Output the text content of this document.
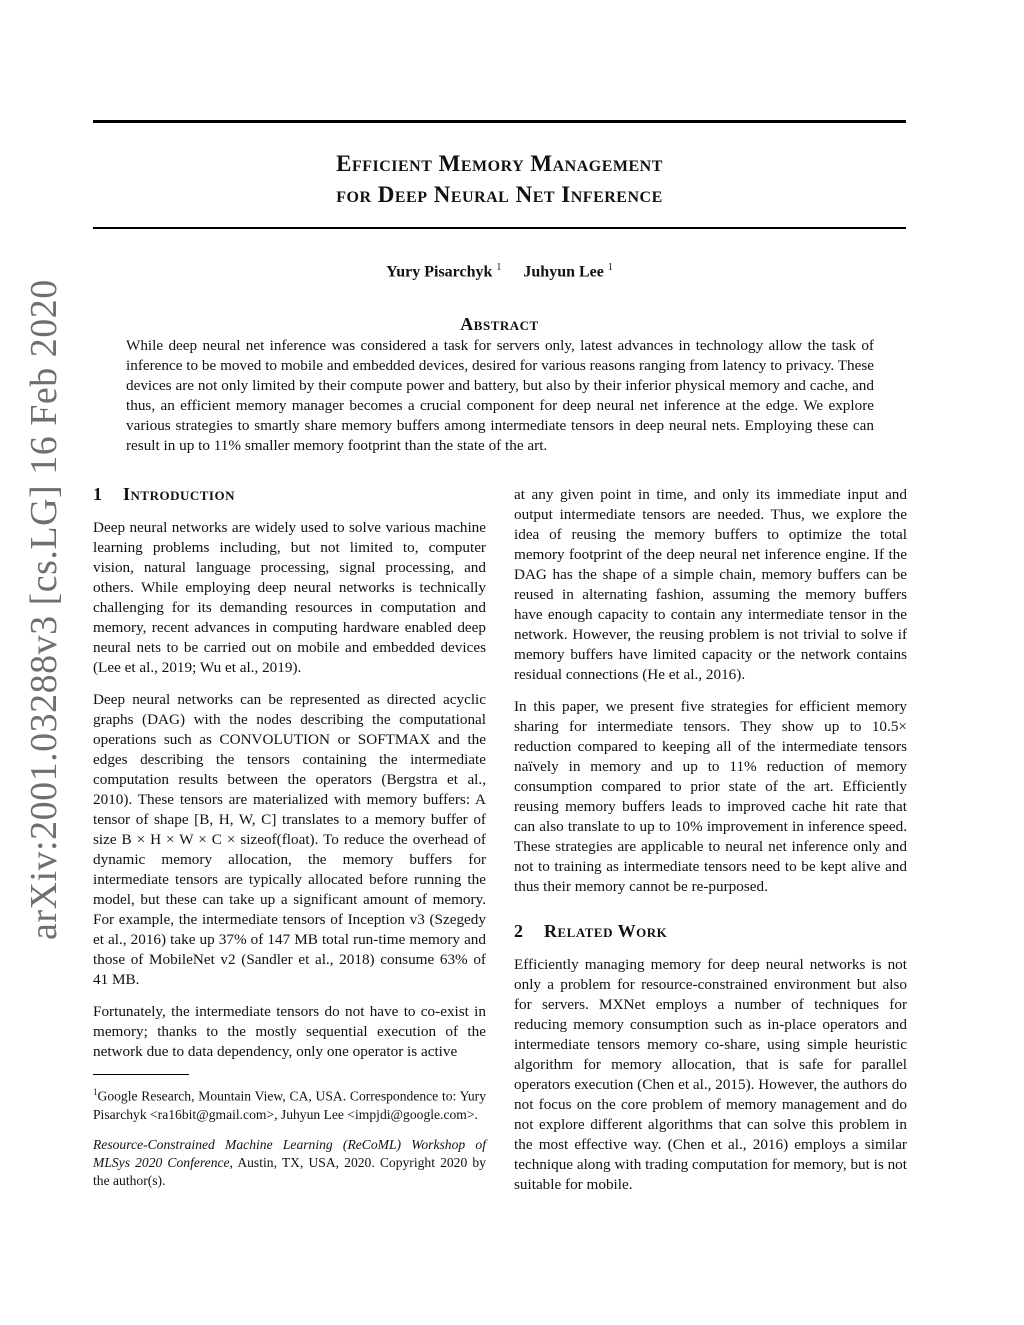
arXiv:2001.03288v3 [cs.LG] 16 Feb 2020
Efficient Memory Management
for Deep Neural Net Inference
Yury Pisarchyk $^1$ Juhyun Lee $^1$
Abstract

While deep neural net inference was considered a task for servers only, latest advances in technology allow the task of inference to be moved to mobile and embedded devices, desired for various reasons ranging from latency to privacy. These devices are not only limited by their compute power and battery, but also by their inferior physical memory and cache, and thus, an efficient memory manager becomes a crucial component for deep neural net inference at the edge. We explore various strategies to smartly share memory buffers among intermediate tensors in deep neural nets. Employing these can result in up to 11% smaller memory footprint than the state of the art.

1 Introduction

Deep neural networks are widely used to solve various machine learning problems including, but not limited to, computer vision, natural language processing, signal processing, and others. While employing deep neural networks is technically challenging for its demanding resources in computation and memory, recent advances in computing hardware enabled deep neural nets to be carried out on mobile and embedded devices (Lee et al., 2019; Wu et al., 2019).

Deep neural networks can be represented as directed acyclic graphs (DAG) with the nodes describing the computational operations such as CONVOLUTION or SOFTMAX and the edges describing the tensors containing the intermediate computation results between the operators (Bergstra et al., 2010). These tensors are materialized with memory buffers: A tensor of shape [B, H, W, C] translates to a memory buffer of size B × H × W × C × sizeof(float). To reduce the overhead of dynamic memory allocation, the memory buffers for intermediate tensors are typically allocated before running the model, but these can take up a significant amount of memory. For example, the intermediate tensors of Inception v3 (Szegedy et al., 2016) take up 37% of 147 MB total run-time memory and those of MobileNet v2 (Sandler et al., 2018) consume 63% of 41 MB.

Fortunately, the intermediate tensors do not have to co-exist in memory; thanks to the mostly sequential execution of the network due to data dependency, only one operator is active

$^1$Google Research, Mountain View, CA, USA. Correspondence to: Yury Pisarchyk <ra16bit@gmail.com>, Juhyun Lee <impjdi@google.com>.

Resource-Constrained Machine Learning (ReCoML) Workshop of MLSys 2020 Conference, Austin, TX, USA, 2020. Copyright 2020 by the author(s).

at any given point in time, and only its immediate input and output intermediate tensors are needed. Thus, we explore the idea of reusing the memory buffers to optimize the total memory footprint of the deep neural net inference engine. If the DAG has the shape of a simple chain, memory buffers can be reused in alternating fashion, assuming the memory buffers have enough capacity to contain any intermediate tensor in the network. However, the reusing problem is not trivial to solve if memory buffers have limited capacity or the network contains residual connections (He et al., 2016).

In this paper, we present five strategies for efficient memory sharing for intermediate tensors. They show up to 10.5× reduction compared to keeping all of the intermediate tensors naïvely in memory and up to 11% reduction of memory consumption compared to prior state of the art. Efficiently reusing memory buffers leads to improved cache hit rate that can also translate to up to 10% improvement in inference speed. These strategies are applicable to neural net inference only and not to training as intermediate tensors need to be kept alive and thus their memory cannot be re-purposed.

2 Related Work

Efficiently managing memory for deep neural networks is not only a problem for resource-constrained environment but also for servers. MXNet employs a number of techniques for reducing memory consumption such as in-place operators and intermediate tensors memory co-share, using simple heuristic algorithm for memory allocation, that is safe for parallel operators execution (Chen et al., 2015). However, the authors do not focus on the core problem of memory management and do not explore different algorithms that can solve this problem in the most effective way. (Chen et al., 2016) employs a similar technique along with trading computation for memory, but is not suitable for mobile.
